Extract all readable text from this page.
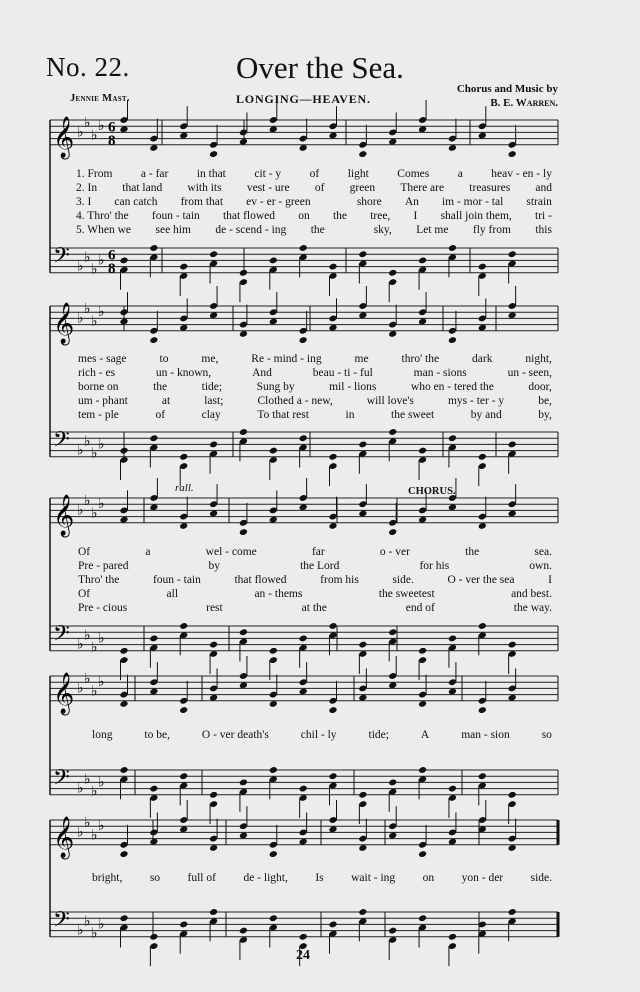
No. 22.	Over the Sea.
Chorus and Music by
B. E. Warren.
Jennie Mast.	LONGING—HEAVEN.
𝄞 ♭
♭
♭
♭ 6
8
𝄢 ♭
♭
♭
♭ 6
8
𝄞 ♭
♭
♭
♭
𝄢 ♭
♭
♭
♭
𝄞 ♭
♭
♭
♭
𝄢 ♭
♭
♭
♭
𝄞 ♭
♭
♭
♭
𝄢 ♭
♭
♭
♭
𝄞 ♭
♭
♭
♭
𝄢 ♭
♭
♭
♭
rall.	CHORUS.
1. From a - far in that cit - y of light Comes a heav - en - ly
2. In that land with its vest - ure of green There are treasures and
3. I can catch from that ev - er - green	shore An im - mor - tal strain
4. Thro' the foun - tain that flowed on the tree, I shall join them, tri -
5. When we see him de - scend - ing the	sky, Let me fly from this
mes - sage	to	me,	Re - mind - ing	me	thro' the	dark	night,
rich - es	un - known,	And	beau - ti - ful	man - sions	un - seen,
borne on	the	tide;	Sung by	mil - lions	who en - tered the	door,
um - phant	at	last;	Clothed a - new,	will love's	mys - ter - y	be,
tem - ple	of	clay	To that rest	in	the sweet	by and	by,
Of	a	wel - come	far	o - ver	the	sea.
Pre - pared	by	the Lord	for his	own.
Thro' the	foun - tain	that flowed	from his	side.	O - ver the sea	I
Of	all	an - thems	the sweetest	and best.
Pre - cious	rest	at the	end of	the way.
long	to be,	O - ver death's	chil - ly	tide;	A	man - sion	so
bright, so full of de - light, Is wait - ing on yon - der side.
24
